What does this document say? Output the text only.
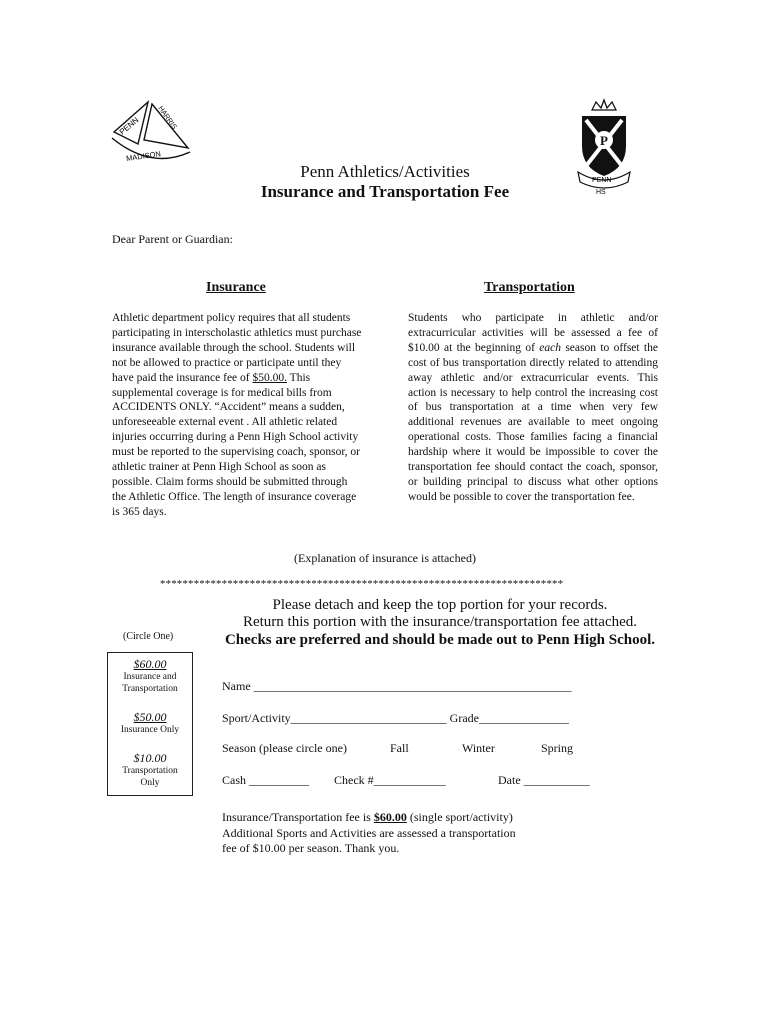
PENN HARRIS
MADISON
P
PENN
HS
Penn Athletics/Activities
Insurance and Transportation Fee
Dear Parent or Guardian:
Insurance	Transportation
Athletic department policy requires that all students participating in interscholastic athletics must purchase insurance available through the school. Students will not be allowed to practice or participate until they have paid the insurance fee of $50.00. This supplemental coverage is for medical bills from ACCIDENTS ONLY. “Accident” means a sudden, unforeseeable external event . All athletic related injuries occurring during a Penn High School activity must be reported to the supervising coach, sponsor, or athletic trainer at Penn High School as soon as possible. Claim forms should be submitted through the Athletic Office. The length of insurance coverage is 365 days.
Students who participate in athletic and/or extracurricular activities will be assessed a fee of $10.00 at the beginning of each season to offset the cost of bus transportation directly related to attending away athletic and/or extracurricular events. This action is necessary to help control the increasing cost of bus transportation at a time when very few additional revenues are available to meet ongoing operational costs. Those families facing a financial hardship where it would be impossible to cover the transportation fee should contact the coach, sponsor, or building principal to discuss what other options would be possible to cover the transportation fee.
(Explanation of insurance is attached)
************************************************************************
Please detach and keep the top portion for your records.
Return this portion with the insurance/transportation fee attached.
Checks are preferred and should be made out to Penn High School.
(Circle One)
$60.00
Insurance and
Transportation
$50.00
Insurance Only
$10.00
Transportation
Only
Name _____________________________________________________
Sport/Activity__________________________ Grade_______________
Season (please circle one)	Fall	Winter	Spring
Cash __________ Check #____________	Date ___________
Insurance/Transportation fee is $60.00 (single sport/activity)
Additional Sports and Activities are assessed a transportation
fee of $10.00 per season. Thank you.
